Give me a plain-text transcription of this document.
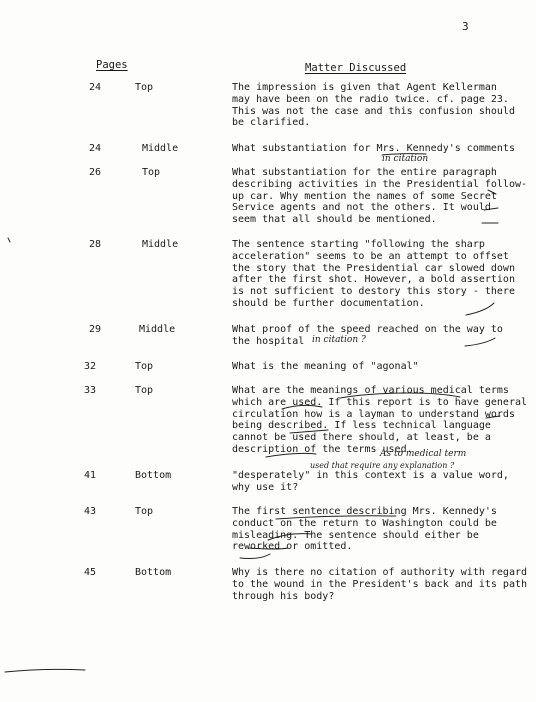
3
Pages	Matter Discussed
24	Top	The impression is given that Agent Kellerman
may have been on the radio twice. cf. page 23.
This was not the case and this confusion should
be clarified.
24	Middle	What substantiation for Mrs. Kennedy's comments
in citation
26	Top	What substantiation for the entire paragraph
describing activities in the Presidential follow-
up car. Why mention the names of some Secret
Service agents and not the others. It would
seem that all should be mentioned.
28	Middle	The sentence starting "following the sharp
acceleration" seems to be an attempt to offset
the story that the Presidential car slowed down
after the first shot. However, a bold assertion
is not sufficient to destory this story - there
should be further documentation.
29	Middle	What proof of the speed reached on the way to
the hospital in citation ?
32	Top	What is the meaning of "agonal"
33	Top	What are the meanings of various medical terms
which are used. If this report is to have general
circulation how is a layman to understand words
being described. If less technical language
cannot be used there should, at least, be a
description of the terms used.
As to medical term
used that require any explanation ?
41	Bottom	"desperately" in this context is a value word,
why use it?
43	Top	The first sentence describing Mrs. Kennedy's
conduct on the return to Washington could be
misleading. The sentence should either be
reworked or omitted.
45	Bottom	Why is there no citation of authority with regard
to the wound in the President's back and its path
through his body?
